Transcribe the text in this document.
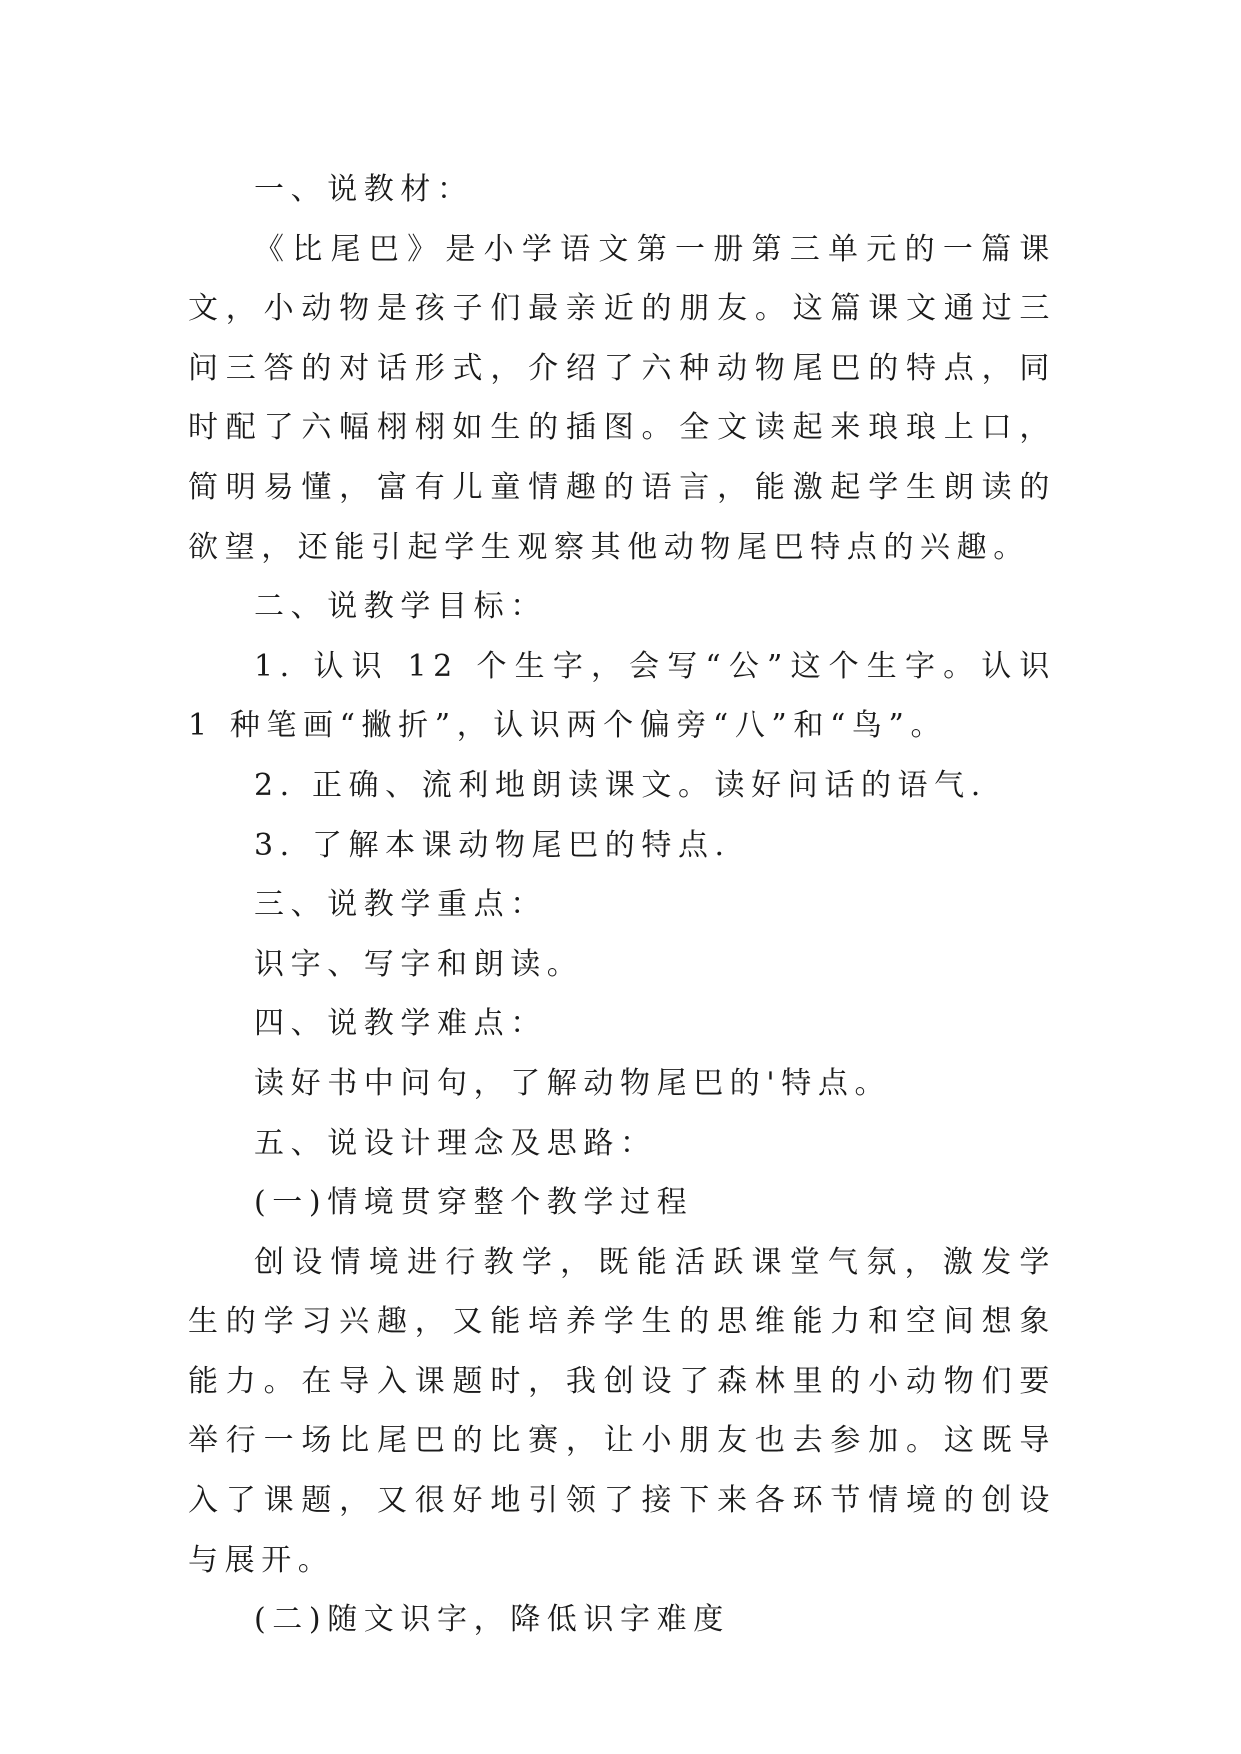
一、说教材：

《比尾巴》是小学语文第一册第三单元的一篇课文，小动物是孩子们最亲近的朋友。这篇课文通过三问三答的对话形式，介绍了六种动物尾巴的特点，同时配了六幅栩栩如生的插图。全文读起来琅琅上口，简明易懂，富有儿童情趣的语言，能激起学生朗读的欲望，还能引起学生观察其他动物尾巴特点的兴趣。

二、说教学目标：

1. 认识 12 个生字，会写“公”这个生字。认识 1 种笔画“撇折”，认识两个偏旁“八”和“鸟”。

2. 正确、流利地朗读课文。读好问话的语气.

3. 了解本课动物尾巴的特点.

三、说教学重点：

识字、写字和朗读。

四、说教学难点：

读好书中问句，了解动物尾巴的'特点。

五、说设计理念及思路：

(一)情境贯穿整个教学过程

创设情境进行教学，既能活跃课堂气氛，激发学生的学习兴趣，又能培养学生的思维能力和空间想象能力。在导入课题时，我创设了森林里的小动物们要举行一场比尾巴的比赛，让小朋友也去参加。这既导入了课题，又很好地引领了接下来各环节情境的创设与展开。

(二)随文识字，降低识字难度
